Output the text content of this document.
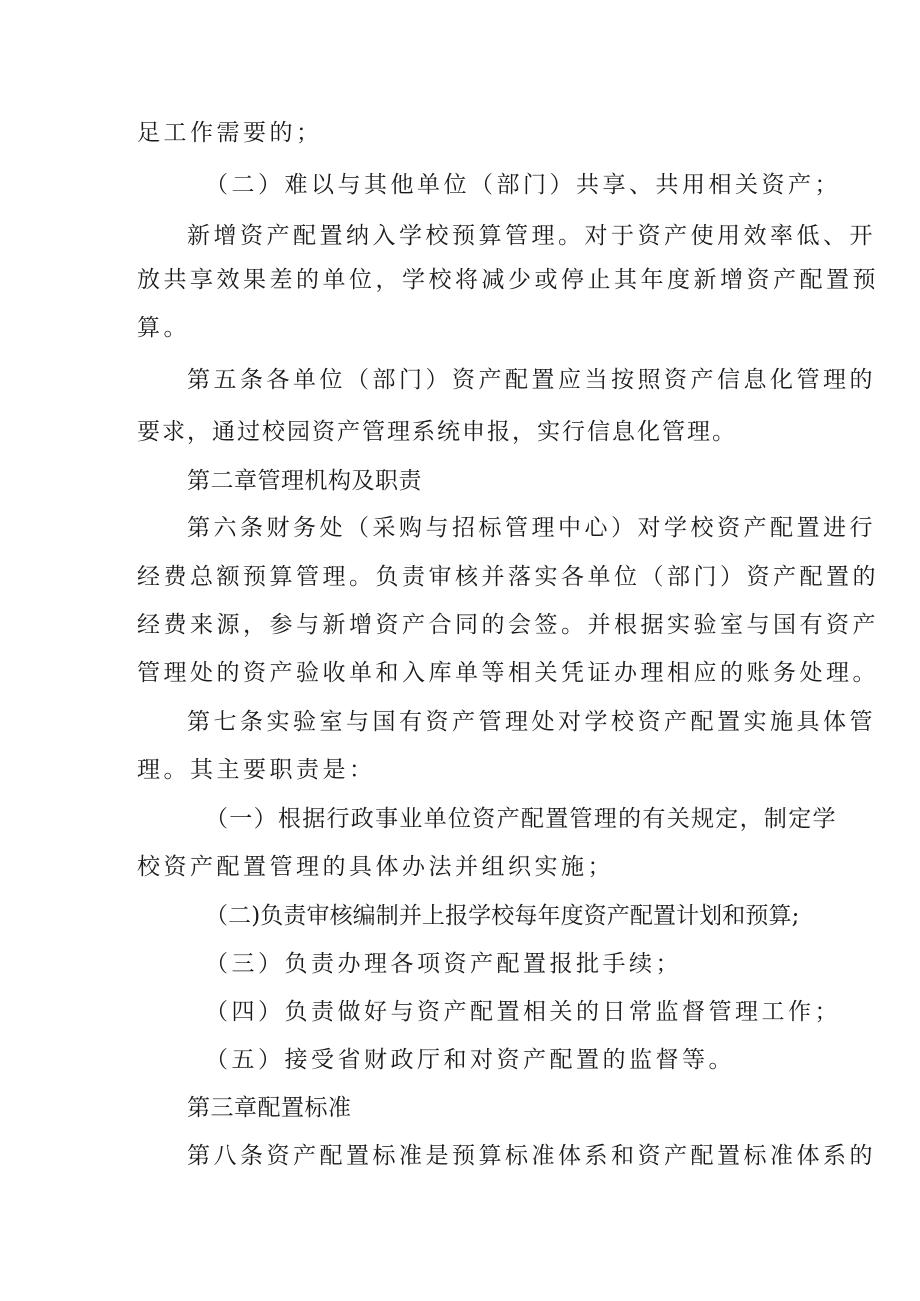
足工作需要的；
（二）难以与其他单位（部门）共享、共用相关资产；
新增资产配置纳入学校预算管理。对于资产使用效率低、开
放共享效果差的单位，学校将减少或停止其年度新增资产配置预
算。
第五条各单位（部门）资产配置应当按照资产信息化管理的
要求，通过校园资产管理系统申报，实行信息化管理。
第二章管理机构及职责
第六条财务处（采购与招标管理中心）对学校资产配置进行
经费总额预算管理。负责审核并落实各单位（部门）资产配置的
经费来源，参与新增资产合同的会签。并根据实验室与国有资产
管理处的资产验收单和入库单等相关凭证办理相应的账务处理。
第七条实验室与国有资产管理处对学校资产配置实施具体管
理。其主要职责是：
（一）根据行政事业单位资产配置管理的有关规定，制定学
校资产配置管理的具体办法并组织实施；
（二)负责审核编制并上报学校每年度资产配置计划和预算;
（三）负责办理各项资产配置报批手续；
（四）负责做好与资产配置相关的日常监督管理工作；
（五）接受省财政厅和对资产配置的监督等。
第三章配置标准
第八条资产配置标准是预算标准体系和资产配置标准体系的
